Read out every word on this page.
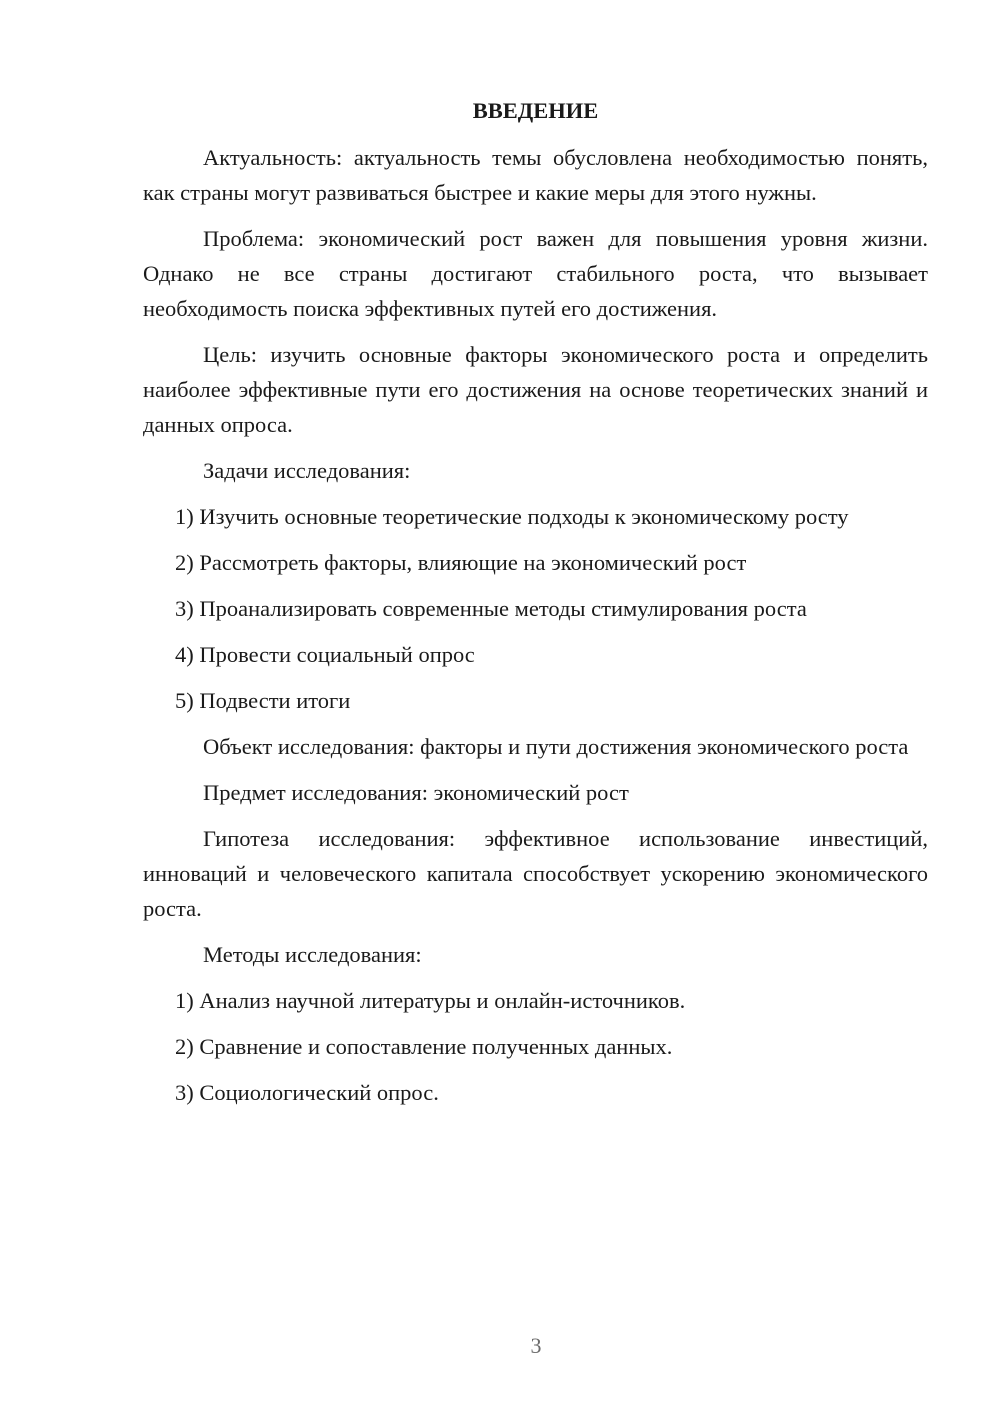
ВВЕДЕНИЕ

Актуальность: актуальность темы обусловлена необходимостью понять, как страны могут развиваться быстрее и какие меры для этого нужны.

Проблема: экономический рост важен для повышения уровня жизни. Однако не все страны достигают стабильного роста, что вызывает необходимость поиска эффективных путей его достижения.

Цель: изучить основные факторы экономического роста и определить наиболее эффективные пути его достижения на основе теоретических знаний и данных опроса.

Задачи исследования:

1) Изучить основные теоретические подходы к экономическому росту
2) Рассмотреть факторы, влияющие на экономический рост
3) Проанализировать современные методы стимулирования роста
4) Провести социальный опрос
5) Подвести итоги

Объект исследования: факторы и пути достижения экономического роста

Предмет исследования: экономический рост

Гипотеза исследования: эффективное использование инвестиций, инноваций и человеческого капитала способствует ускорению экономического роста.

Методы исследования:

1) Анализ научной литературы и онлайн-источников.
2) Сравнение и сопоставление полученных данных.
3) Социологический опрос.
3
